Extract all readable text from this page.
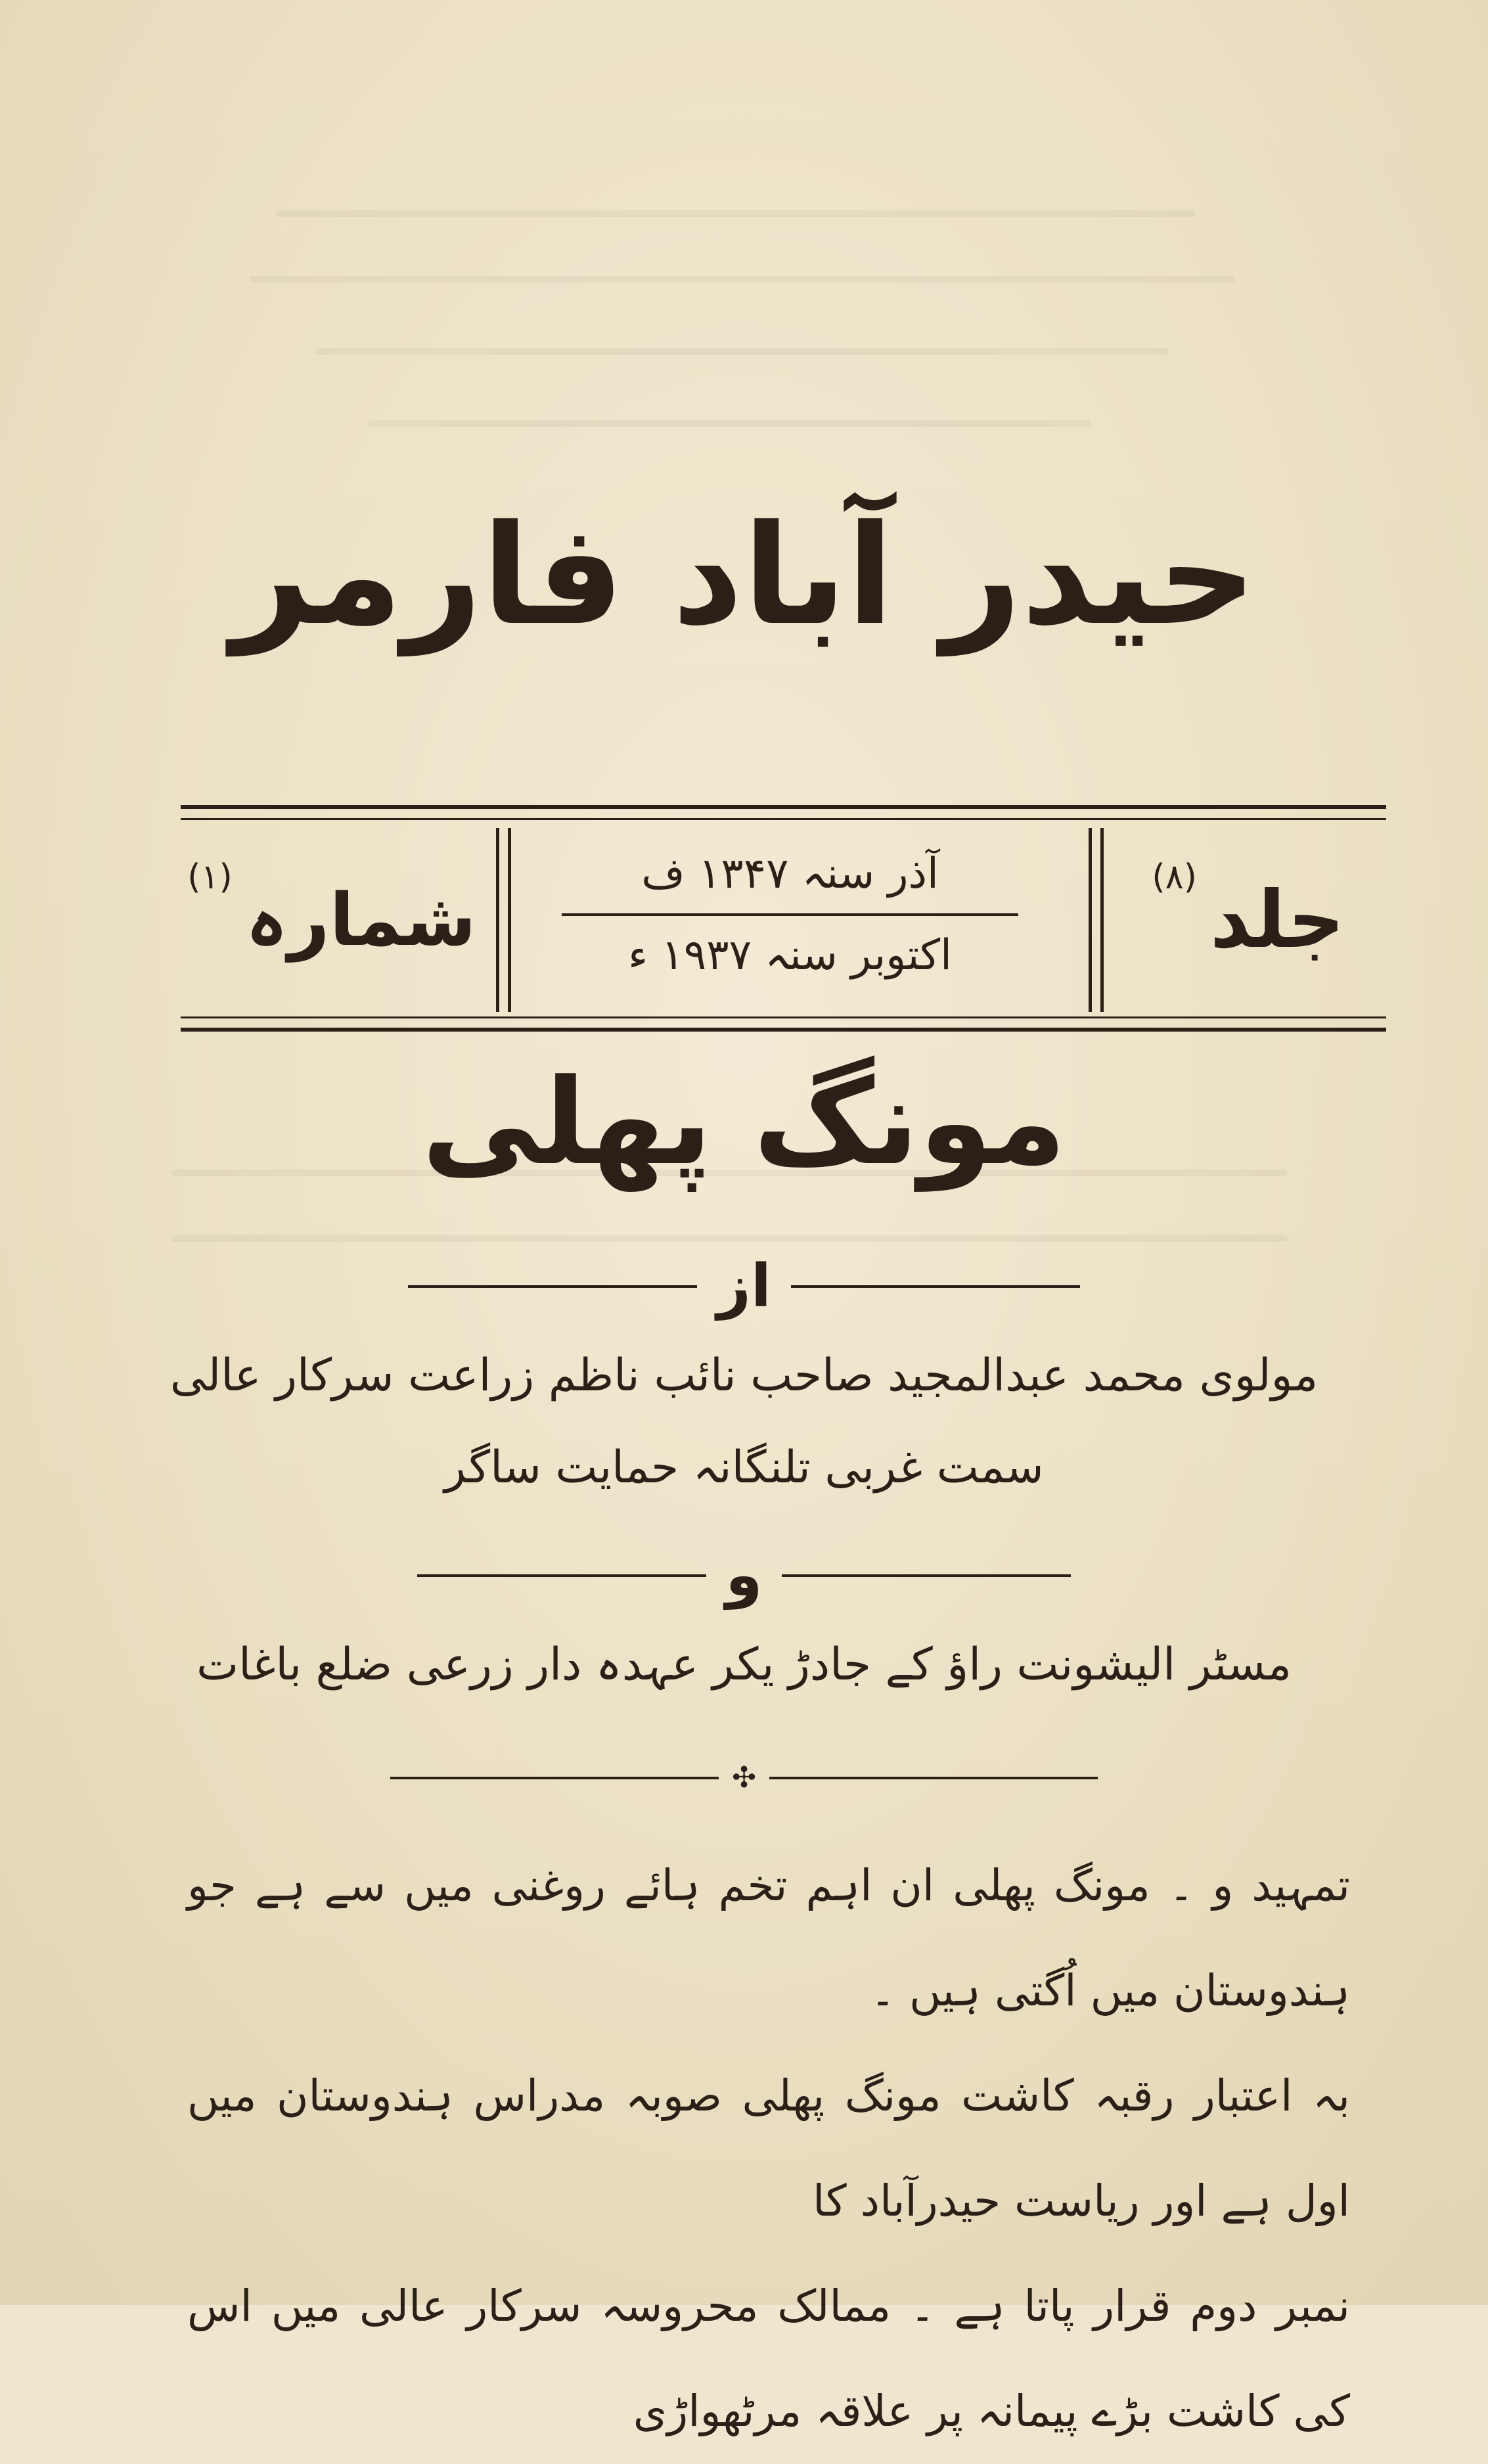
حیدر آباد فارمر
جلد
(۸)
آذر سنہ ۱۳۴۷ ف
اکتوبر سنہ ۱۹۳۷ ء
شمارہ
(۱)
مونگ پھلی
از
مولوی محمد عبدالمجید صاحب نائب ناظم زراعت سرکار عالی
سمت غربی تلنگانہ حمایت ساگر
و
مسٹر الیشونت راؤ کے جادڑ یکر عہدہ دار زرعی ضلع باغات
✣

تمہید و ۔ مونگ پھلی ان اہم تخم ہائے روغنی میں سے ہے جو ہندوستان میں اُگتی ہیں ۔

بہ اعتبار رقبہ کاشت مونگ پھلی صوبہ مدراس ہندوستان میں اول ہے اور ریاست حیدرآباد کا

نمبر دوم قرار پاتا ہے ۔ ممالک محروسہ سرکار عالی میں اس کی کاشت بڑے پیمانہ پر علاقہ مرٹھواڑی
